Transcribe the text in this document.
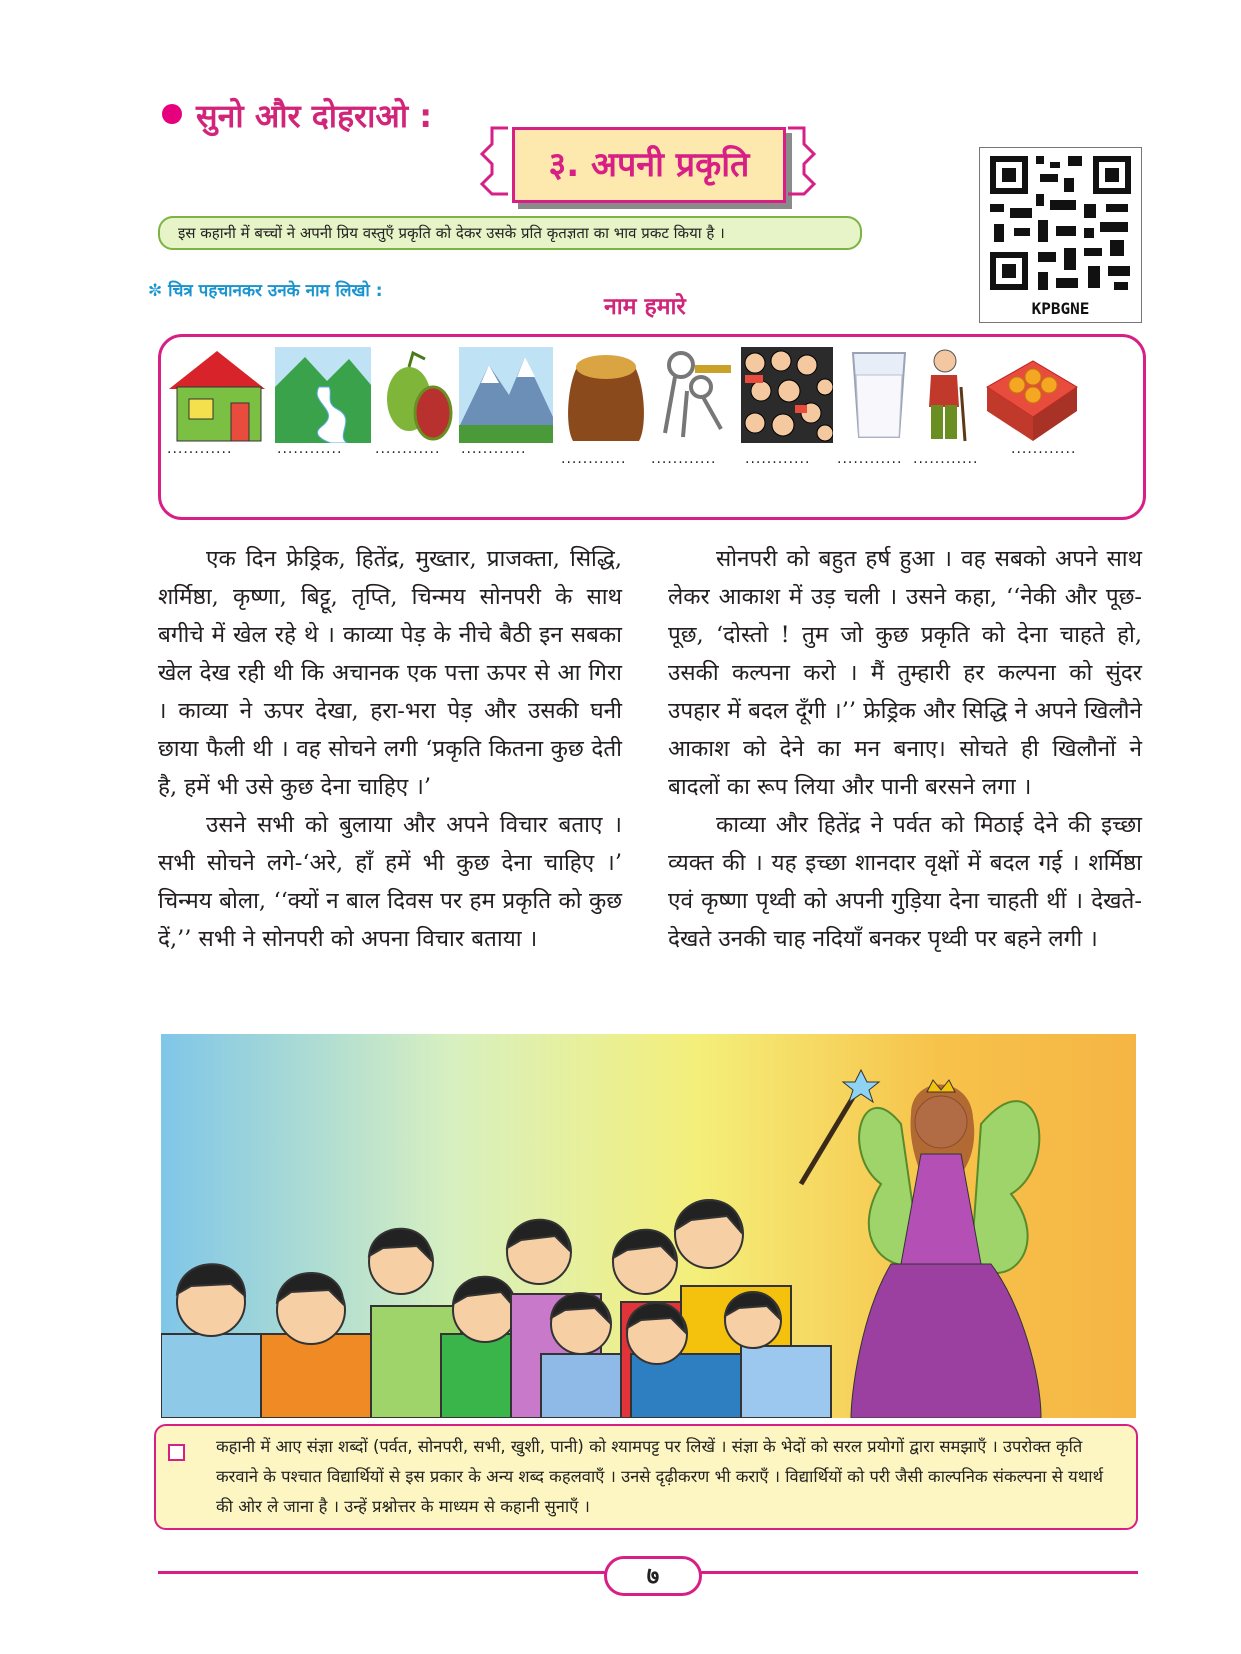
सुनो और दोहराओ :
३. अपनी प्रकृति
KPBGNE
इस कहानी में बच्चों ने अपनी प्रिय वस्तुएँ प्रकृति को देकर उसके प्रति कृतज्ञता का भाव प्रकट किया है ।
✼ चित्र पहचानकर उनके नाम लिखो :
नाम हमारे
............	............ ............ ............
............ ............ ............ ............ ............
............

एक दिन फ्रेड्रिक, हितेंद्र, मुख्तार, प्राजक्ता, सिद्धि, शर्मिष्ठा, कृष्णा, बिट्टू, तृप्ति, चिन्मय सोनपरी के साथ बगीचे में खेल रहे थे । काव्या पेड़ के नीचे बैठी इन सबका खेल देख रही थी कि अचानक एक पत्ता ऊपर से आ गिरा । काव्या ने ऊपर देखा, हरा-भरा पेड़ और उसकी घनी छाया फैली थी । वह सोचने लगी ‘प्रकृति कितना कुछ देती है, हमें भी उसे कुछ देना चाहिए ।’

उसने सभी को बुलाया और अपने विचार बताए । सभी सोचने लगे-‘अरे, हाँ हमें भी कुछ देना चाहिए ।’ चिन्मय बोला, ‘‘क्यों न बाल दिवस पर हम प्रकृति को कुछ दें,’’ सभी ने सोनपरी को अपना विचार बताया ।

सोनपरी को बहुत हर्ष हुआ । वह सबको अपने साथ लेकर आकाश में उड़ चली । उसने कहा, ‘‘नेकी और पूछ-पूछ, ‘दोस्तो ! तुम जो कुछ प्रकृति को देना चाहते हो, उसकी कल्पना करो । मैं तुम्हारी हर कल्पना को सुंदर उपहार में बदल दूँगी ।’’ फ्रेड्रिक और सिद्धि ने अपने खिलौने आकाश को देने का मन बनाए। सोचते ही खिलौनों ने बादलों का रूप लिया और पानी बरसने लगा ।

काव्या और हितेंद्र ने पर्वत को मिठाई देने की इच्छा व्यक्त की । यह इच्छा शानदार वृक्षों में बदल गई । शर्मिष्ठा एवं कृष्णा पृथ्वी को अपनी गुड़िया देना चाहती थीं । देखते-देखते उनकी चाह नदियाँ बनकर पृथ्वी पर बहने लगी ।

कहानी में आए संज्ञा शब्दों (पर्वत, सोनपरी, सभी, खुशी, पानी) को श्यामपट्ट पर लिखें । संज्ञा के भेदों को सरल प्रयोगों द्वारा समझाएँ । उपरोक्त कृति करवाने के पश्चात विद्यार्थियों से इस प्रकार के अन्य शब्द कहलवाएँ । उनसे दृढ़ीकरण भी कराएँ । विद्यार्थियों को परी जैसी काल्पनिक संकल्पना से यथार्थ की ओर ले जाना है । उन्हें प्रश्नोत्तर के माध्यम से कहानी सुनाएँ ।
७
